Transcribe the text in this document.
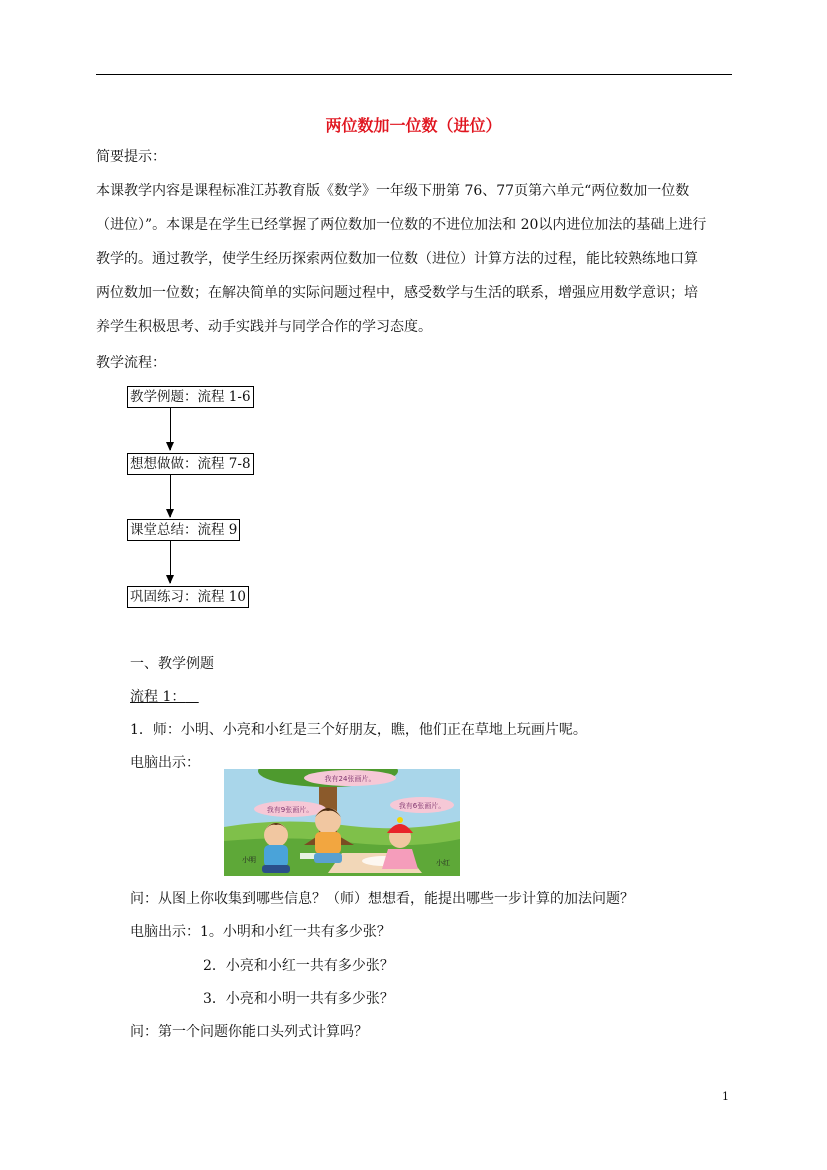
两位数加一位数（进位）
简要提示：
本课教学内容是课程标准江苏教育版《数学》一年级下册第 76、77页第六单元“两位数加一位数
（进位）”。本课是在学生已经掌握了两位数加一位数的不进位加法和 20以内进位加法的基础上进行
教学的。通过教学，使学生经历探索两位数加一位数（进位）计算方法的过程，能比较熟练地口算
两位数加一位数；在解决简单的实际问题过程中，感受数学与生活的联系，增强应用数学意识；培
养学生积极思考、动手实践并与同学合作的学习态度。
教学流程：
教学例题：流程 1-6
想想做做：流程 7-8
课堂总结：流程 9
巩固练习：流程 10
一、教学例题
流程 1：
1．师：小明、小亮和小红是三个好朋友，瞧，他们正在草地上玩画片呢。
电脑出示：
我有9张画片。
我有24张画片。
我有6张画片。
小明	小红
问：从图上你收集到哪些信息？（师）想想看，能提出哪些一步计算的加法问题？
电脑出示：1。小明和小红一共有多少张？
2．小亮和小红一共有多少张？
3．小亮和小明一共有多少张？
问：第一个问题你能口头列式计算吗？
1
